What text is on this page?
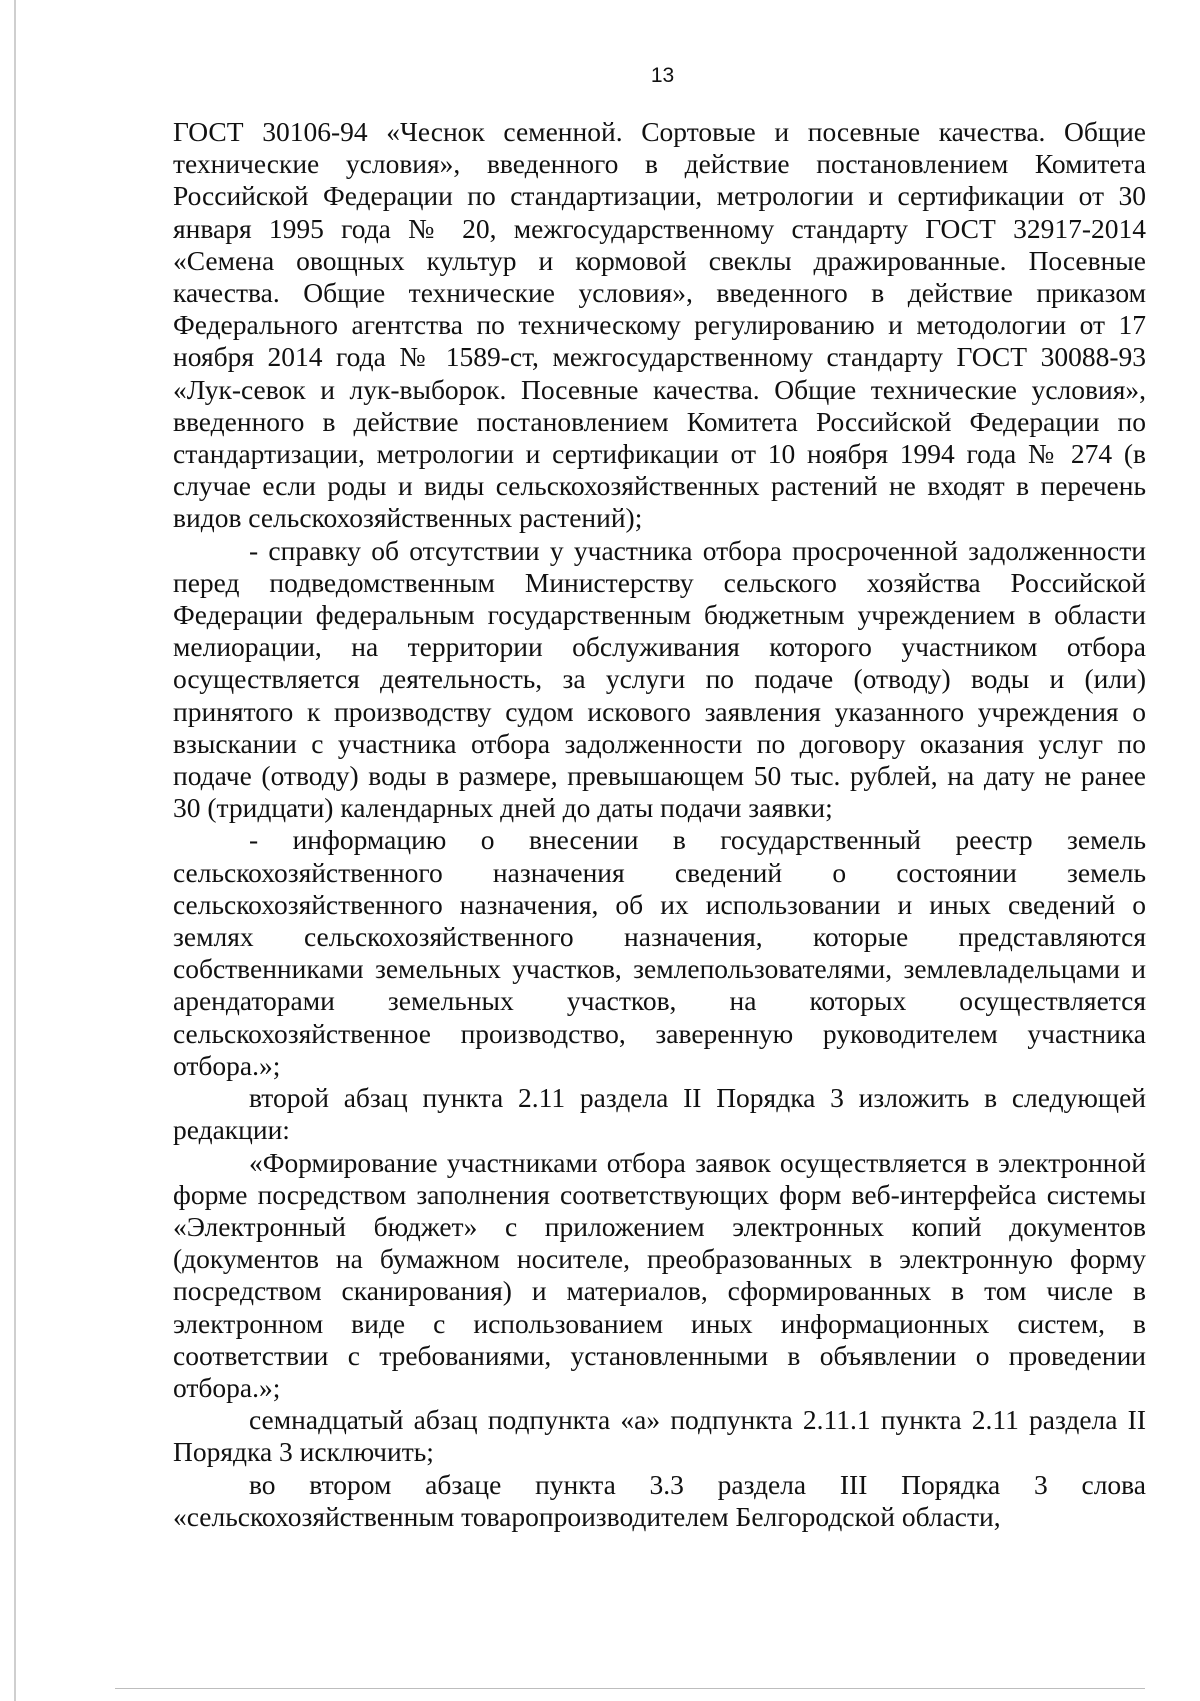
13

ГОСТ 30106-94 «Чеснок семенной. Сортовые и посевные качества. Общие технические условия», введенного в действие постановлением Комитета Российской Федерации по стандартизации, метрологии и сертификации от 30 января 1995 года № 20, межгосударственному стандарту ГОСТ 32917-2014 «Семена овощных культур и кормовой свеклы дражированные. Посевные качества. Общие технические условия», введенного в действие приказом Федерального агентства по техническому регулированию и методологии от 17 ноября 2014 года № 1589-ст, межгосударственному стандарту ГОСТ 30088-93 «Лук-севок и лук-выборок. Посевные качества. Общие технические условия», введенного в действие постановлением Комитета Российской Федерации по стандартизации, метрологии и сертификации от 10 ноября 1994 года № 274 (в случае если роды и виды сельскохозяйственных растений не входят в перечень видов сельскохозяйственных растений);

- справку об отсутствии у участника отбора просроченной задолженности перед подведомственным Министерству сельского хозяйства Российской Федерации федеральным государственным бюджетным учреждением в области мелиорации, на территории обслуживания которого участником отбора осуществляется деятельность, за услуги по подаче (отводу) воды и (или) принятого к производству судом искового заявления указанного учреждения о взыскании с участника отбора задолженности по договору оказания услуг по подаче (отводу) воды в размере, превышающем 50 тыс. рублей, на дату не ранее 30 (тридцати) календарных дней до даты подачи заявки;

- информацию о внесении в государственный реестр земель сельскохозяйственного назначения сведений о состоянии земель сельскохозяйственного назначения, об их использовании и иных сведений о землях сельскохозяйственного назначения, которые представляются собственниками земельных участков, землепользователями, землевладельцами и арендаторами земельных участков, на которых осуществляется сельскохозяйственное производство, заверенную руководителем участника отбора.»;

второй абзац пункта 2.11 раздела II Порядка 3 изложить в следующей редакции:

«Формирование участниками отбора заявок осуществляется в электронной форме посредством заполнения соответствующих форм веб-интерфейса системы «Электронный бюджет» с приложением электронных копий документов (документов на бумажном носителе, преобразованных в электронную форму посредством сканирования) и материалов, сформированных в том числе в электронном виде с использованием иных информационных систем, в соответствии с требованиями, установленными в объявлении о проведении отбора.»;

семнадцатый абзац подпункта «а» подпункта 2.11.1 пункта 2.11 раздела II Порядка 3 исключить;

во втором абзаце пункта 3.3 раздела III Порядка 3 слова «сельскохозяйственным товаропроизводителем Белгородской области,
